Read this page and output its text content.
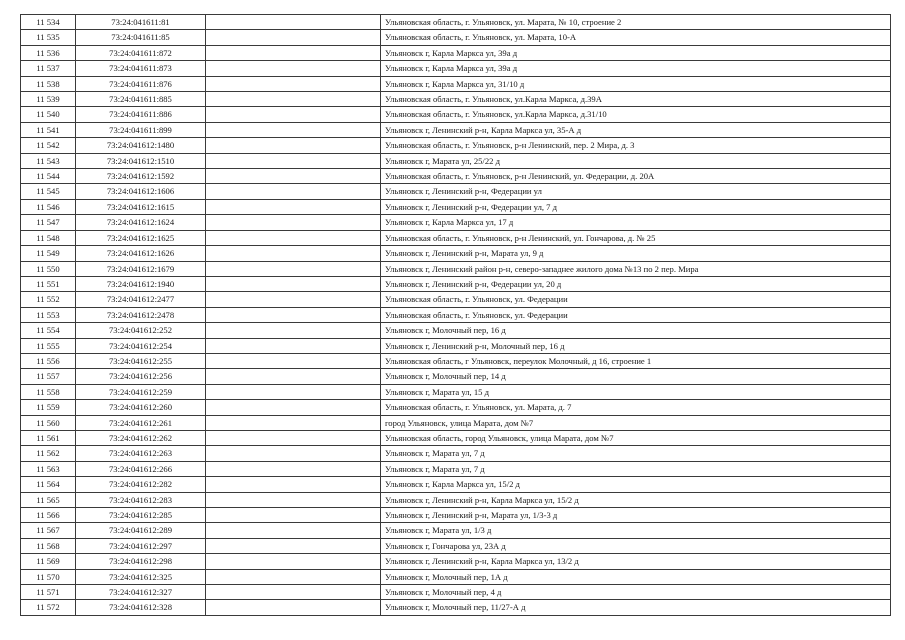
11 534	73:24:041611:81		Ульяновская область, г. Ульяновск, ул. Марата, № 10, строение 2
11 535	73:24:041611:85		Ульяновская область, г. Ульяновск, ул. Марата, 10-А
11 536	73:24:041611:872		Ульяновск г, Карла Маркса ул, 39а д
11 537	73:24:041611:873		Ульяновск г, Карла Маркса ул, 39а д
11 538	73:24:041611:876		Ульяновск г, Карла Маркса ул, 31/10 д
11 539	73:24:041611:885		Ульяновская область, г. Ульяновск, ул.Карла Маркса, д.39А
11 540	73:24:041611:886		Ульяновская область, г. Ульяновск, ул.Карла Маркса, д.31/10
11 541	73:24:041611:899		Ульяновск г, Ленинский р-н, Карла Маркса ул, 35-А д
11 542	73:24:041612:1480		Ульяновская область, г. Ульяновск, р-н Ленинский, пер. 2 Мира, д. 3
11 543	73:24:041612:1510		Ульяновск г, Марата ул, 25/22 д
11 544	73:24:041612:1592		Ульяновская область, г. Ульяновск, р-н Ленинский, ул. Федерации, д. 20А
11 545	73:24:041612:1606		Ульяновск г, Ленинский р-н, Федерации ул
11 546	73:24:041612:1615		Ульяновск г, Ленинский р-н, Федерации ул, 7 д
11 547	73:24:041612:1624		Ульяновск г, Карла Маркса ул, 17 д
11 548	73:24:041612:1625		Ульяновская область, г. Ульяновск, р-н Ленинский, ул. Гончарова, д. № 25
11 549	73:24:041612:1626		Ульяновск г, Ленинский р-н, Марата ул, 9 д
11 550	73:24:041612:1679		Ульяновск г, Ленинский район р-н, северо-западнее жилого дома №13 по 2 пер. Мира
11 551	73:24:041612:1940		Ульяновск г, Ленинский р-н, Федерации ул, 20 д
11 552	73:24:041612:2477		Ульяновская область, г. Ульяновск, ул. Федерации
11 553	73:24:041612:2478		Ульяновская область, г. Ульяновск, ул. Федерации
11 554	73:24:041612:252		Ульяновск г, Молочный пер, 16 д
11 555	73:24:041612:254		Ульяновск г, Ленинский р-н, Молочный пер, 16 д
11 556	73:24:041612:255		Ульяновская область, г Ульяновск, переулок Молочный, д 16, строение 1
11 557	73:24:041612:256		Ульяновск г, Молочный пер, 14 д
11 558	73:24:041612:259		Ульяновск г, Марата ул, 15 д
11 559	73:24:041612:260		Ульяновская область, г. Ульяновск, ул. Марата, д. 7
11 560	73:24:041612:261		город Ульяновск, улица Марата, дом №7
11 561	73:24:041612:262		Ульяновская область, город Ульяновск, улица Марата, дом №7
11 562	73:24:041612:263		Ульяновск г, Марата ул, 7 д
11 563	73:24:041612:266		Ульяновск г, Марата ул, 7 д
11 564	73:24:041612:282		Ульяновск г, Карла Маркса ул, 15/2 д
11 565	73:24:041612:283		Ульяновск г, Ленинский р-н, Карла Маркса ул, 15/2 д
11 566	73:24:041612:285		Ульяновск г, Ленинский р-н, Марата ул, 1/3-3 д
11 567	73:24:041612:289		Ульяновск г, Марата ул, 1/3 д
11 568	73:24:041612:297		Ульяновск г, Гончарова ул, 23А д
11 569	73:24:041612:298		Ульяновск г, Ленинский р-н, Карла Маркса ул, 13/2 д
11 570	73:24:041612:325		Ульяновск г, Молочный пер, 1А д
11 571	73:24:041612:327		Ульяновск г, Молочный пер, 4 д
11 572	73:24:041612:328		Ульяновск г, Молочный пер, 11/27-А д
